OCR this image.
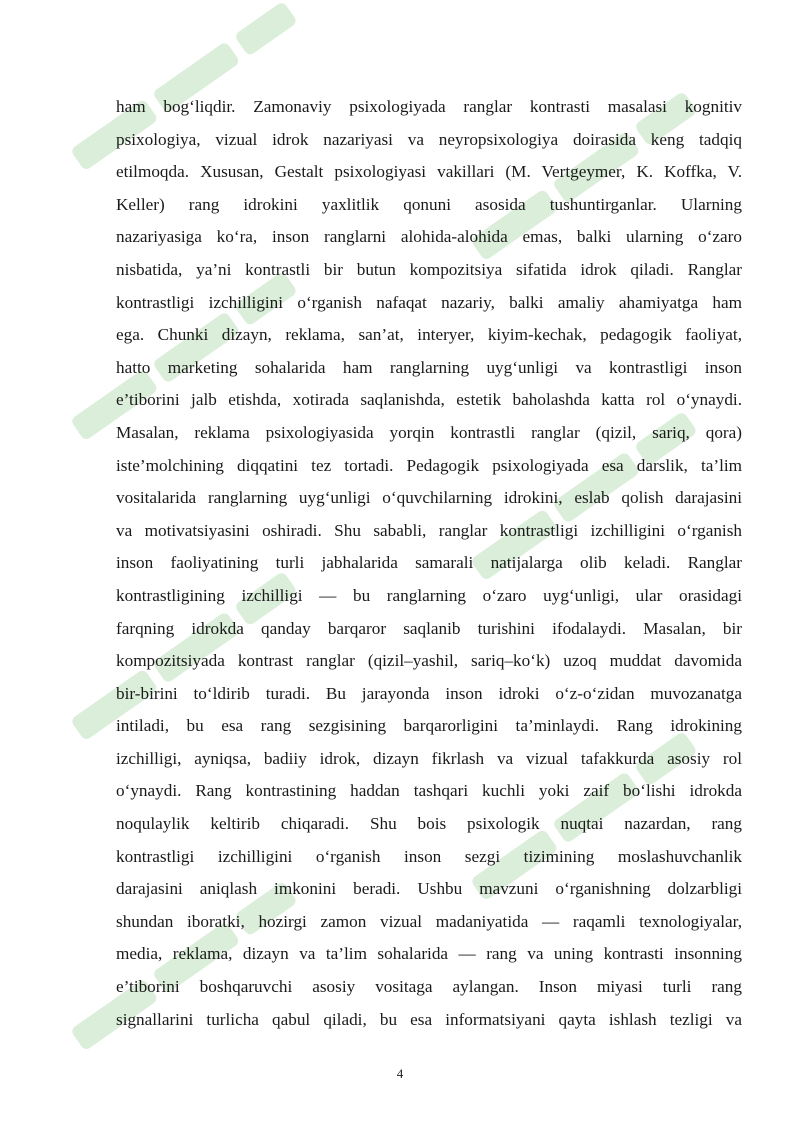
ham bog‘liqdir. Zamonaviy psixologiyada ranglar kontrasti masalasi kognitiv
psixologiya, vizual idrok nazariyasi va neyropsixologiya doirasida keng tadqiq
etilmoqda. Xususan, Gestalt psixologiyasi vakillari (M. Vertgeymer, K. Koffka, V.
Keller) rang idrokini yaxlitlik qonuni asosida tushuntirganlar. Ularning
nazariyasiga ko‘ra, inson ranglarni alohida-alohida emas, balki ularning o‘zaro
nisbatida, ya’ni kontrastli bir butun kompozitsiya sifatida idrok qiladi. Ranglar
kontrastligi izchilligini o‘rganish nafaqat nazariy, balki amaliy ahamiyatga ham
ega. Chunki dizayn, reklama, san’at, interyer, kiyim-kechak, pedagogik faoliyat,
hatto marketing sohalarida ham ranglarning uyg‘unligi va kontrastligi inson
e’tiborini jalb etishda, xotirada saqlanishda, estetik baholashda katta rol o‘ynaydi.
Masalan, reklama psixologiyasida yorqin kontrastli ranglar (qizil, sariq, qora)
iste’molchining diqqatini tez tortadi. Pedagogik psixologiyada esa darslik, ta’lim
vositalarida ranglarning uyg‘unligi o‘quvchilarning idrokini, eslab qolish darajasini
va motivatsiyasini oshiradi. Shu sababli, ranglar kontrastligi izchilligini o‘rganish
inson faoliyatining turli jabhalarida samarali natijalarga olib keladi. Ranglar
kontrastligining izchilligi — bu ranglarning o‘zaro uyg‘unligi, ular orasidagi
farqning idrokda qanday barqaror saqlanib turishini ifodalaydi. Masalan, bir
kompozitsiyada kontrast ranglar (qizil–yashil, sariq–ko‘k) uzoq muddat davomida
bir-birini to‘ldirib turadi. Bu jarayonda inson idroki o‘z-o‘zidan muvozanatga
intiladi, bu esa rang sezgisining barqarorligini ta’minlaydi. Rang idrokining
izchilligi, ayniqsa, badiiy idrok, dizayn fikrlash va vizual tafakkurda asosiy rol
o‘ynaydi. Rang kontrastining haddan tashqari kuchli yoki zaif bo‘lishi idrokda
noqulaylik keltirib chiqaradi. Shu bois psixologik nuqtai nazardan, rang
kontrastligi izchilligini o‘rganish inson sezgi tizimining moslashuvchanlik
darajasini aniqlash imkonini beradi. Ushbu mavzuni o‘rganishning dolzarbligi
shundan iboratki, hozirgi zamon vizual madaniyatida — raqamli texnologiyalar,
media, reklama, dizayn va ta’lim sohalarida — rang va uning kontrasti insonning
e’tiborini boshqaruvchi asosiy vositaga aylangan. Inson miyasi turli rang
signallarini turlicha qabul qiladi, bu esa informatsiyani qayta ishlash tezligi va
4
